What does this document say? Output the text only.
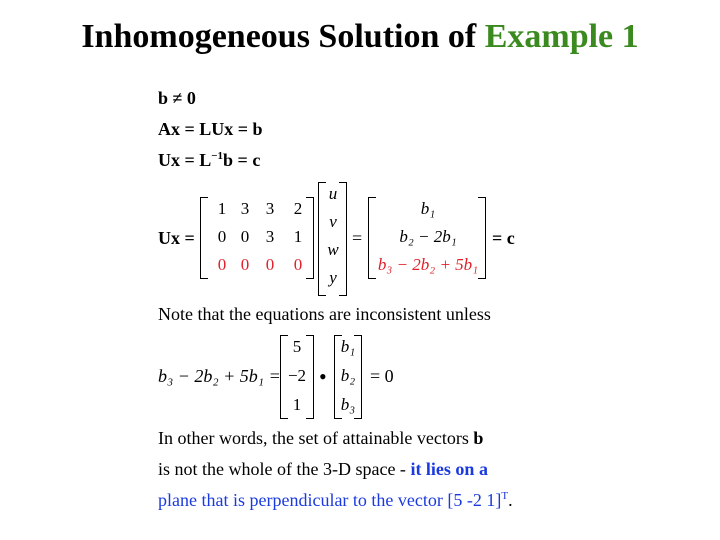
Inhomogeneous Solution of Example 1
b ≠ 0
Ax = LUx = b
$Ux = L^{-1}b = c$
Ux =
1 3 3	2
0 0 3	1
0 0 0	0
u
v
w
y
=
b₁
b₂ − 2b₁
b₃ − 2b₂ + 5b₁
= c
Note that the equations are inconsistent unless
b₃ − 2b₂ + 5b₁ =
5
−2
1
•
b₁
b₂
b₃
= 0
In other words, the set of attainable vectors b
is not the whole of the 3-D space - it lies on a
plane that is perpendicular to the vector [5 -2 1]$^T$.
